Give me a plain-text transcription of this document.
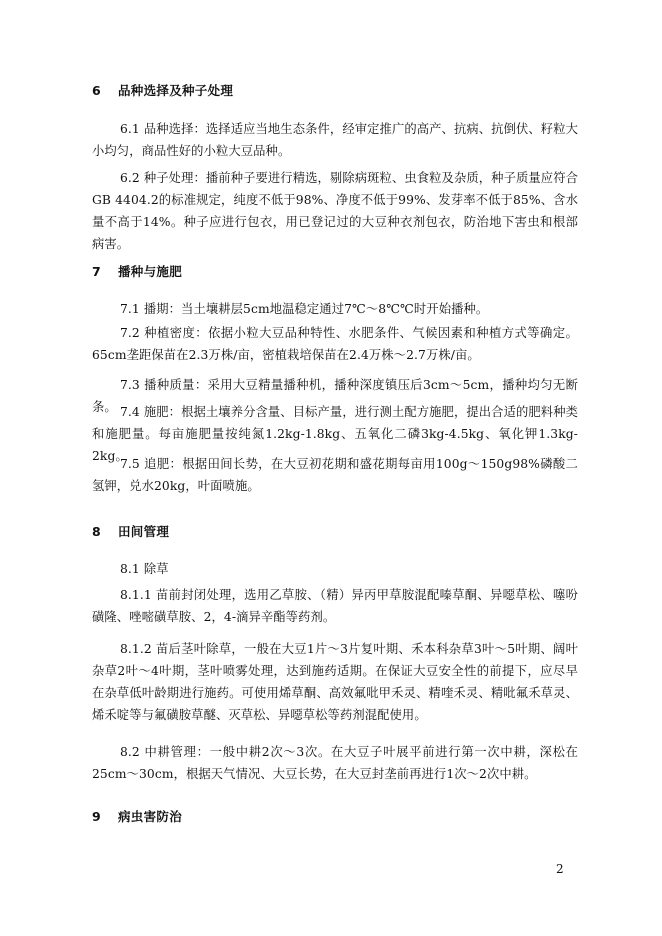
6 品种选择及种子处理
6.1 品种选择：选择适应当地生态条件，经审定推广的高产、抗病、抗倒伏、籽粒大小均匀，商品性好的小粒大豆品种。
6.2 种子处理：播前种子要进行精选，剔除病斑粒、虫食粒及杂质，种子质量应符合GB 4404.2的标准规定，纯度不低于98%、净度不低于99%、发芽率不低于85%、含水量不高于14%。种子应进行包衣，用已登记过的大豆种衣剂包衣，防治地下害虫和根部病害。
7 播种与施肥
7.1 播期：当土壤耕层5cm地温稳定通过7℃～8℃℃时开始播种。
7.2 种植密度：依据小粒大豆品种特性、水肥条件、气候因素和种植方式等确定。65cm垄距保苗在2.3万株/亩，密植栽培保苗在2.4万株～2.7万株/亩。
7.3 播种质量：采用大豆精量播种机，播种深度镇压后3cm～5cm，播种均匀无断条。 7.4 施肥：根据土壤养分含量、目标产量，进行测土配方施肥，提出合适的肥料种类和施肥量。每亩施肥量按纯氮1.2kg-1.8kg、五氧化二磷3kg-4.5kg、氧化钾1.3kg-2kg。
7.5 追肥：根据田间长势，在大豆初花期和盛花期每亩用100g～150g98%磷酸二氢钾，兑水20kg，叶面喷施。
8 田间管理
8.1 除草
8.1.1 苗前封闭处理，选用乙草胺、（精）异丙甲草胺混配嗪草酮、异噁草松、噻吩磺隆、唑嘧磺草胺、2，4-滴异辛酯等药剂。
8.1.2 苗后茎叶除草，一般在大豆1片～3片复叶期、禾本科杂草3叶～5叶期、阔叶杂草2叶～4叶期，茎叶喷雾处理，达到施药适期。在保证大豆安全性的前提下，应尽早在杂草低叶龄期进行施药。可使用烯草酮、高效氟吡甲禾灵、精喹禾灵、精吡氟禾草灵、烯禾啶等与氟磺胺草醚、灭草松、异噁草松等药剂混配使用。
8.2 中耕管理：一般中耕2次～3次。在大豆子叶展平前进行第一次中耕，深松在25cm～30cm，根据天气情况、大豆长势，在大豆封垄前再进行1次～2次中耕。
9 病虫害防治
2
